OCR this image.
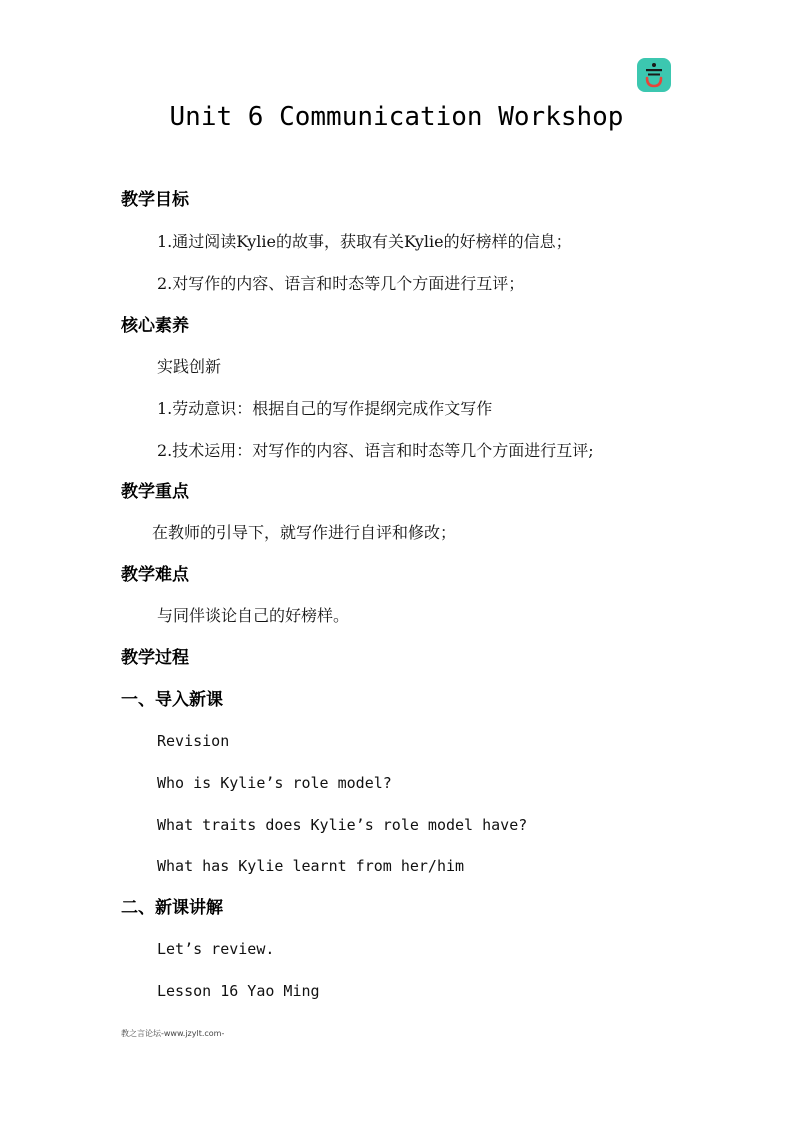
Unit 6 Communication Workshop
教学目标
1.通过阅读Kylie的故事，获取有关Kylie的好榜样的信息；
2.对写作的内容、语言和时态等几个方面进行互评；
核心素养
实践创新
1.劳动意识：根据自己的写作提纲完成作文写作
2.技术运用：对写作的内容、语言和时态等几个方面进行互评;
教学重点
在教师的引导下，就写作进行自评和修改；
教学难点
与同伴谈论自己的好榜样。
教学过程
一、导入新课
Revision
Who is Kylie’s role model?
What traits does Kylie’s role model have?
What has Kylie learnt from her/him
二、新课讲解
Let’s review.
Lesson 16 Yao Ming
教之言论坛-www.jzylt.com-
